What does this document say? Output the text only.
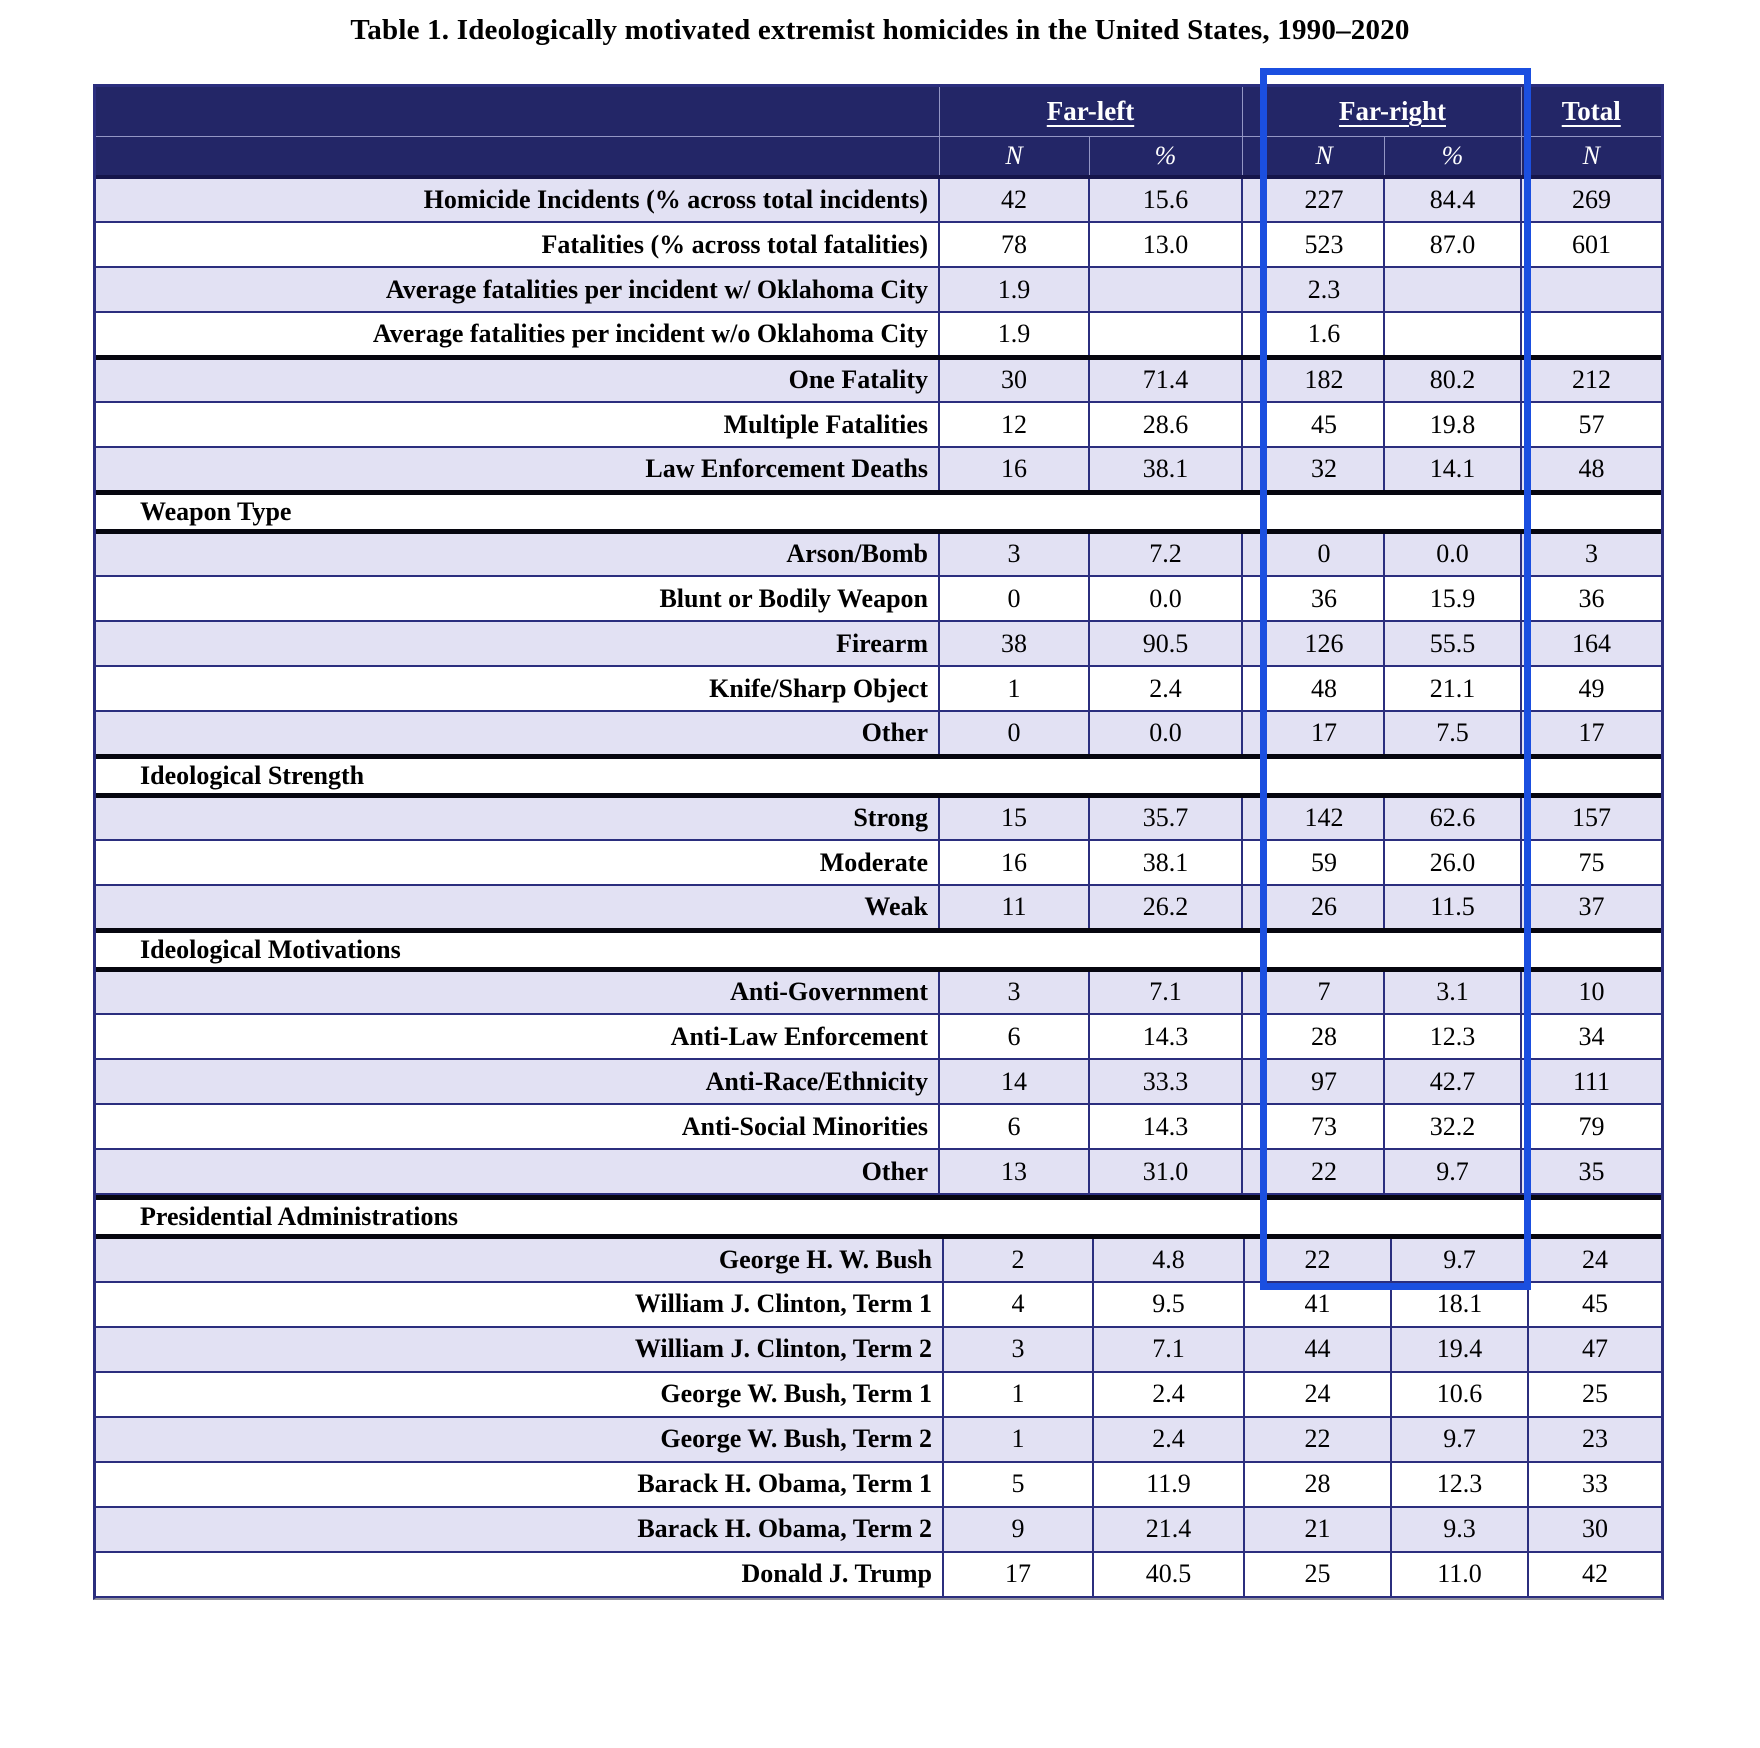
Table 1. Ideologically motivated extremist homicides in the United States, 1990–2020
	Far-left			Far-right		Total
	N	%		N	%	N
Homicide Incidents (% across total incidents)	42	15.6		227	84.4	269
Fatalities (% across total fatalities)	78	13.0		523	87.0	601
Average fatalities per incident w/ Oklahoma City	1.9			2.3		
Average fatalities per incident w/o Oklahoma City	1.9			1.6		
One Fatality	30	71.4		182	80.2	212
Multiple Fatalities	12	28.6		45	19.8	57
Law Enforcement Deaths	16	38.1		32	14.1	48
Weapon Type						
Arson/Bomb	3	7.2		0	0.0	3
Blunt or Bodily Weapon	0	0.0		36	15.9	36
Firearm	38	90.5		126	55.5	164
Knife/Sharp Object	1	2.4		48	21.1	49
Other	0	0.0		17	7.5	17
Ideological Strength						
Strong	15	35.7		142	62.6	157
Moderate	16	38.1		59	26.0	75
Weak	11	26.2		26	11.5	37
Ideological Motivations						
Anti-Government	3	7.1		7	3.1	10
Anti-Law Enforcement	6	14.3		28	12.3	34
Anti-Race/Ethnicity	14	33.3		97	42.7	111
Anti-Social Minorities	6	14.3		73	32.2	79
Other	13	31.0		22	9.7	35
Presidential Administrations					
George H. W. Bush	2	4.8	22	9.7	24
William J. Clinton, Term 1	4	9.5	41	18.1	45
William J. Clinton, Term 2	3	7.1	44	19.4	47
George W. Bush, Term 1	1	2.4	24	10.6	25
George W. Bush, Term 2	1	2.4	22	9.7	23
Barack H. Obama, Term 1	5	11.9	28	12.3	33
Barack H. Obama, Term 2	9	21.4	21	9.3	30
Donald J. Trump	17	40.5	25	11.0	42
